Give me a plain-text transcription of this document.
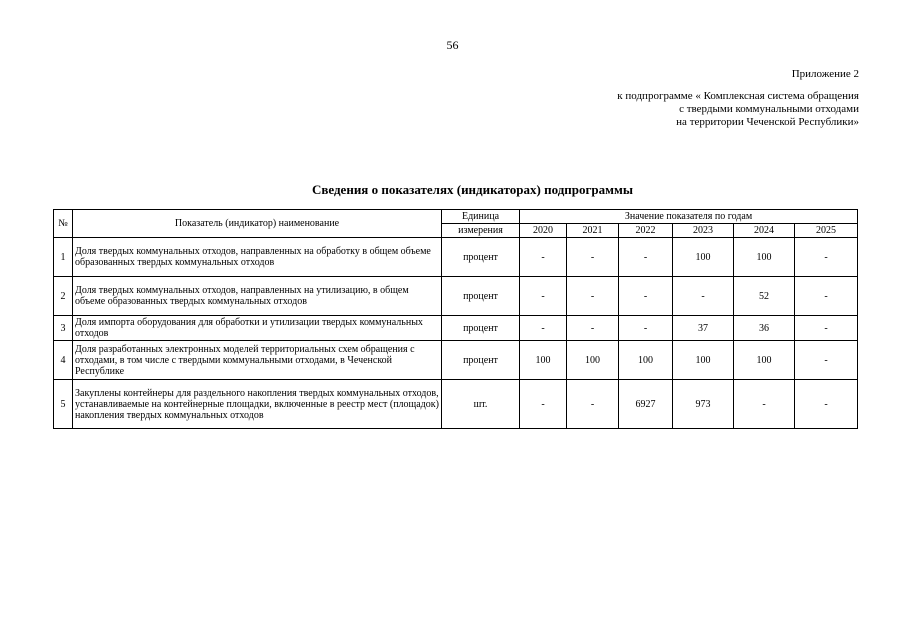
56
Приложение 2
к подпрограмме « Комплексная система обращения
с твердыми коммунальными отходами
на территории Чеченской Республики»
Сведения о показателях (индикаторах) подпрограммы
№	Показатель (индикатор) наименование	Единица	Значение показателя по годам					
		измерения	2020	2021	2022	2023	2024	2025
1	Доля твердых коммунальных отходов, направленных на обработку в общем объеме образованных твердых коммунальных отходов	процент	-	-	-	100	100	-
2	Доля твердых коммунальных отходов, направленных на утилизацию, в общем объеме образованных твердых коммунальных отходов	процент	-	-	-	-	52	-
3	Доля импорта оборудования для обработки и утилизации твердых коммунальных отходов	процент	-	-	-	37	36	-
4	Доля разработанных электронных моделей территориальных схем обращения с отходами, в том числе с твердыми коммунальными отходами, в Чеченской Республике	процент	100	100	100	100	100	-
5	Закуплены контейнеры для раздельного накопления твердых коммунальных отходов, устанавливаемые на контейнерные площадки, включенные в реестр мест (площадок) накопления твердых коммунальных отходов	шт.	-	-	6927	973	-	-
